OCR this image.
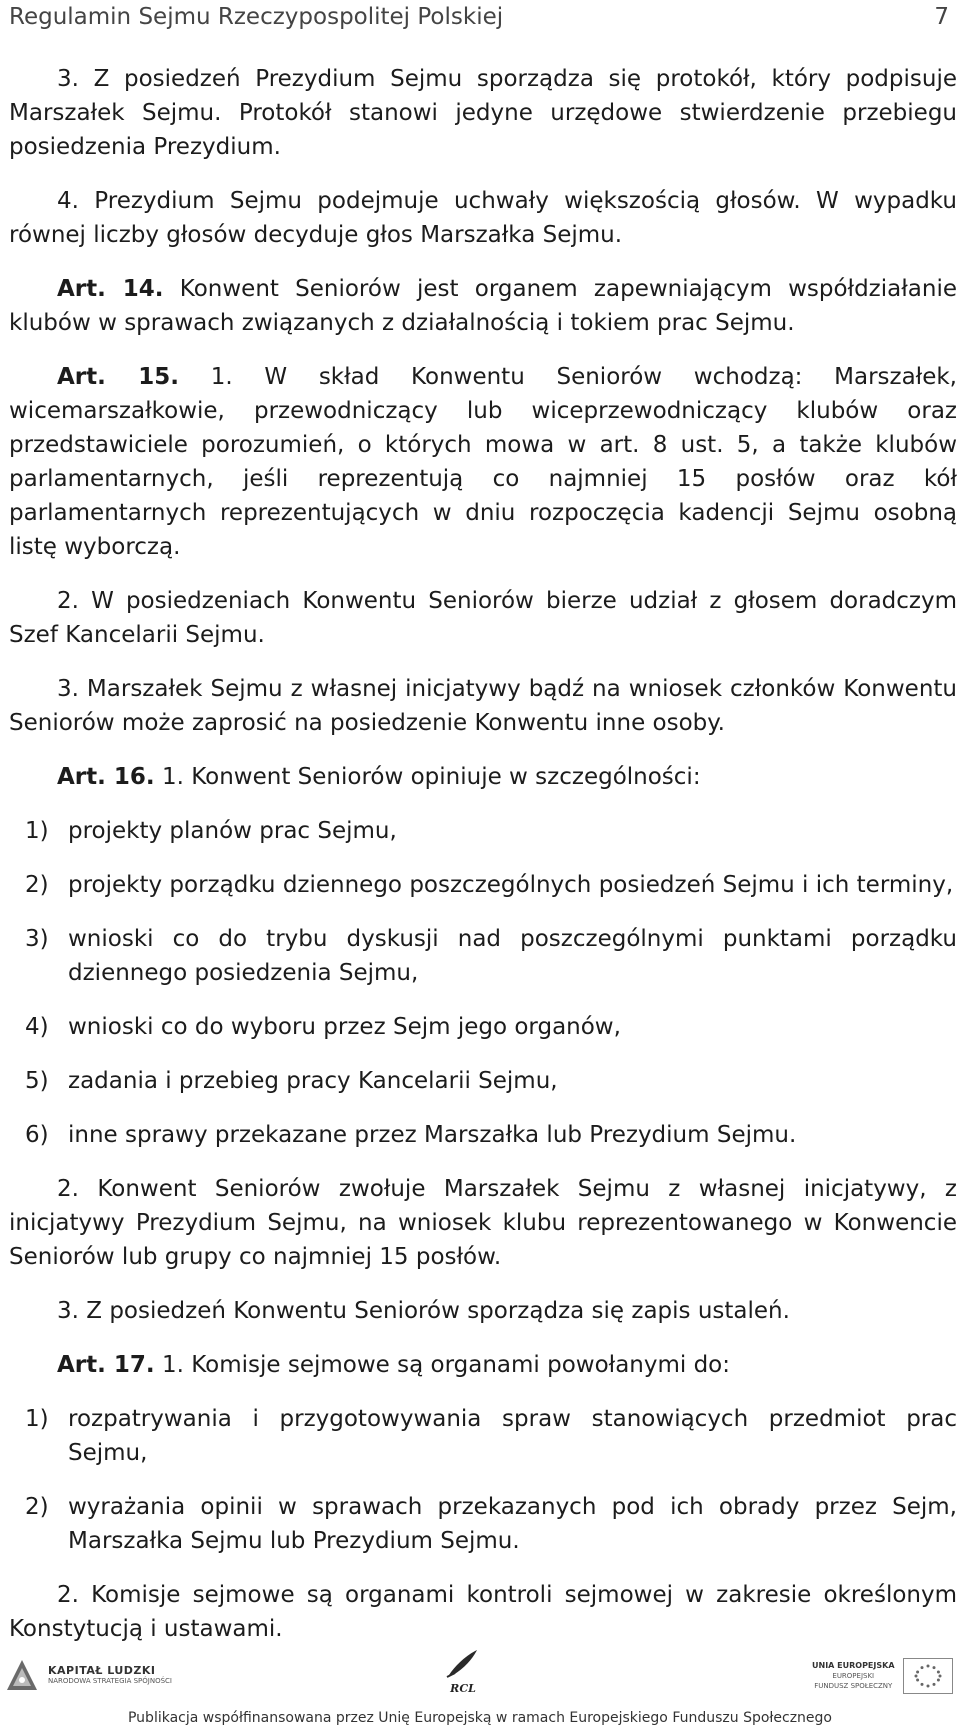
Regulamin Sejmu Rzeczypospolitej Polskiej	7

3. Z posiedzeń Prezydium Sejmu sporządza się protokół, który podpisuje Marszałek Sejmu. Protokół stanowi jedyne urzędowe stwierdzenie przebiegu posiedzenia Prezydium.

4. Prezydium Sejmu podejmuje uchwały większością głosów. W wypadku równej liczby głosów decyduje głos Marszałka Sejmu.

Art. 14. Konwent Seniorów jest organem zapewniającym współdziałanie klubów w sprawach związanych z działalnością i tokiem prac Sejmu.

Art. 15. 1. W skład Konwentu Seniorów wchodzą: Marszałek, wicemarszałkowie, przewodniczący lub wiceprzewodniczący klubów oraz przedstawiciele porozumień, o których mowa w art. 8 ust. 5, a także klubów parlamentarnych, jeśli reprezentują co najmniej 15 posłów oraz kół parlamentarnych reprezentujących w dniu rozpoczęcia kadencji Sejmu osobną listę wyborczą.

2. W posiedzeniach Konwentu Seniorów bierze udział z głosem doradczym Szef Kancelarii Sejmu.

3. Marszałek Sejmu z własnej inicjatywy bądź na wniosek członków Konwentu Seniorów może zaprosić na posiedzenie Konwentu inne osoby.

Art. 16. 1. Konwent Seniorów opiniuje w szczególności:

1) projekty planów prac Sejmu,
2) projekty porządku dziennego poszczególnych posiedzeń Sejmu i ich terminy,
3) wnioski co do trybu dyskusji nad poszczególnymi punktami porządku dziennego posiedzenia Sejmu,
4) wnioski co do wyboru przez Sejm jego organów,
5) zadania i przebieg pracy Kancelarii Sejmu,
6) inne sprawy przekazane przez Marszałka lub Prezydium Sejmu.

2. Konwent Seniorów zwołuje Marszałek Sejmu z własnej inicjatywy, z inicjatywy Prezydium Sejmu, na wniosek klubu reprezentowanego w Konwencie Seniorów lub grupy co najmniej 15 posłów.

3. Z posiedzeń Konwentu Seniorów sporządza się zapis ustaleń.

Art. 17. 1. Komisje sejmowe są organami powołanymi do:

1) rozpatrywania i przygotowywania spraw stanowiących przedmiot prac Sejmu,
2) wyrażania opinii w sprawach przekazanych pod ich obrady przez Sejm, Marszałka Sejmu lub Prezydium Sejmu.

2. Komisje sejmowe są organami kontroli sejmowej w zakresie określonym Konstytucją i ustawami.

KAPITAŁ LUDZKI
NARODOWA STRATEGIA SPÓJNOŚCI
RCL
UNIA EUROPEJSKA
EUROPEJSKI
FUNDUSZ SPOŁECZNY
Publikacja współfinansowana przez Unię Europejską w ramach Europejskiego Funduszu Społecznego
